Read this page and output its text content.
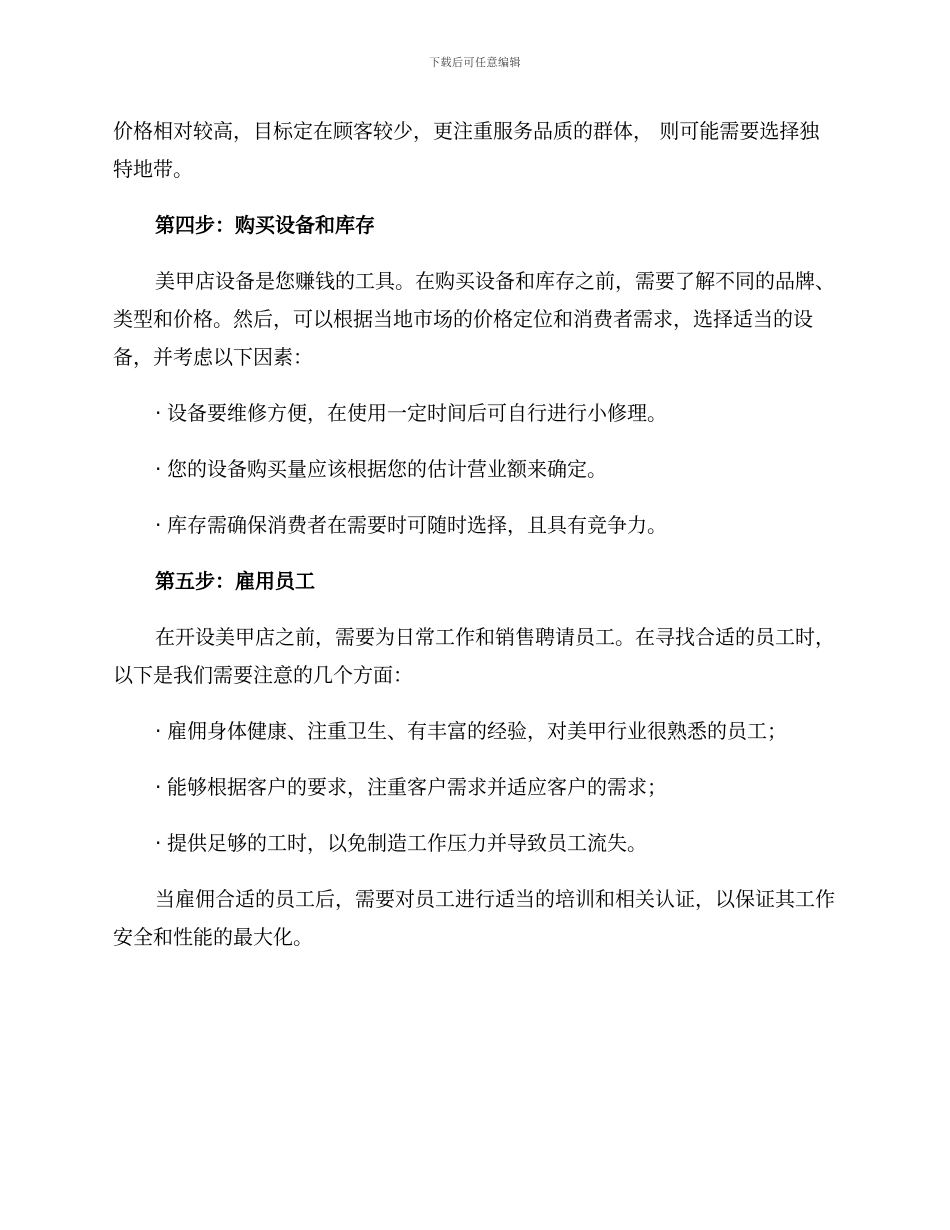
下载后可任意编辑

价格相对较高，目标定在顾客较少，更注重服务品质的群体， 则可能需要选择独特地带。

第四步：购买设备和库存

美甲店设备是您赚钱的工具。在购买设备和库存之前，需要了解不同的品牌、类型和价格。然后，可以根据当地市场的价格定位和消费者需求，选择适当的设备，并考虑以下因素：

· 设备要维修方便，在使用一定时间后可自行进行小修理。

· 您的设备购买量应该根据您的估计营业额来确定。

· 库存需确保消费者在需要时可随时选择，且具有竞争力。

第五步：雇用员工

在开设美甲店之前，需要为日常工作和销售聘请员工。在寻找合适的员工时，以下是我们需要注意的几个方面：

· 雇佣身体健康、注重卫生、有丰富的经验，对美甲行业很熟悉的员工；

· 能够根据客户的要求，注重客户需求并适应客户的需求；

· 提供足够的工时，以免制造工作压力并导致员工流失。

当雇佣合适的员工后，需要对员工进行适当的培训和相关认证，以保证其工作安全和性能的最大化。
